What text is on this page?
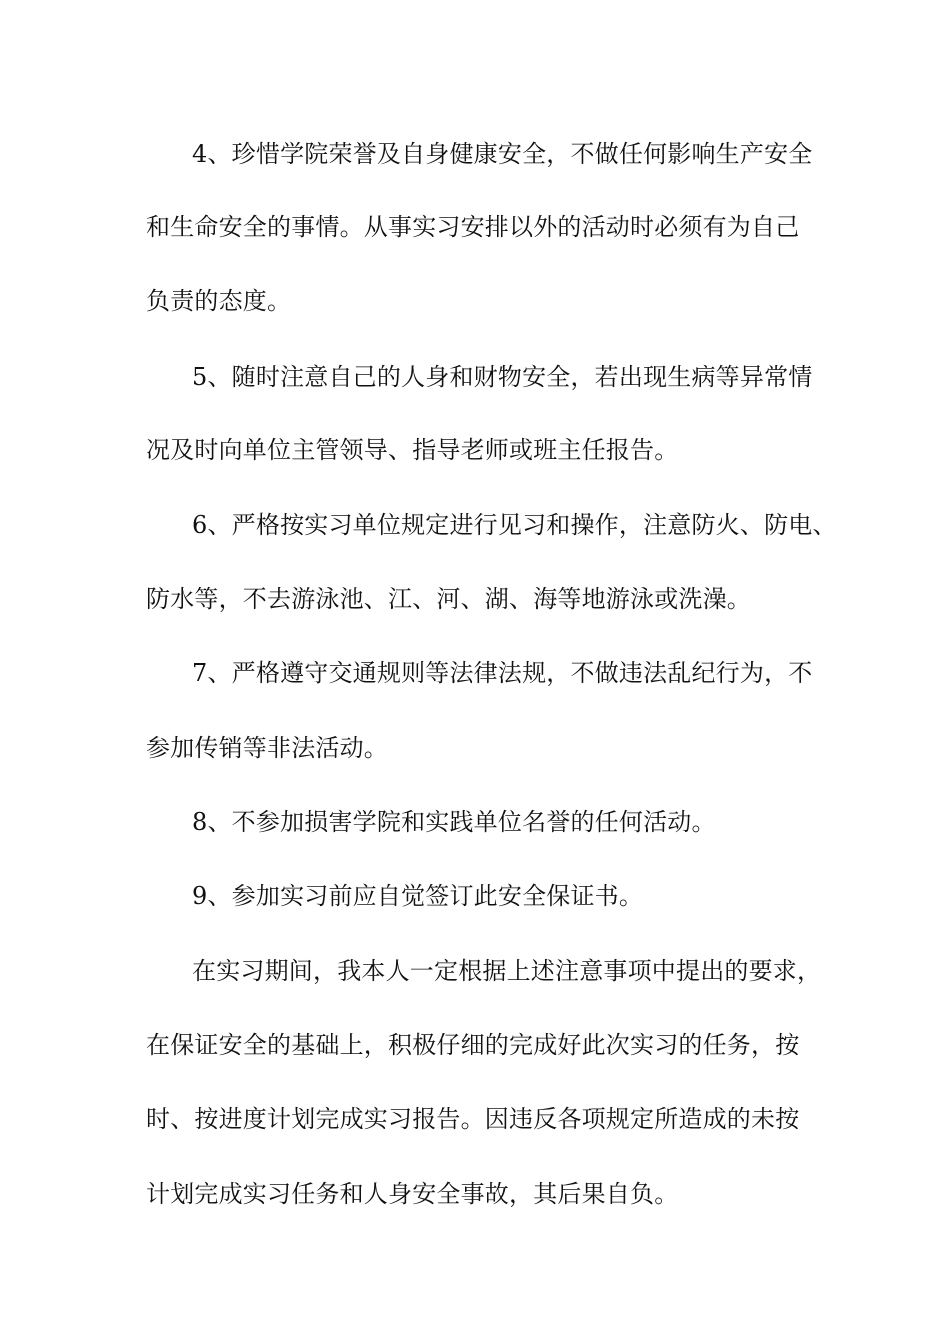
4、珍惜学院荣誉及自身健康安全，不做任何影响生产安全
和生命安全的事情。从事实习安排以外的活动时必须有为自己
负责的态度。
5、随时注意自己的人身和财物安全，若出现生病等异常情
况及时向单位主管领导、指导老师或班主任报告。
6、严格按实习单位规定进行见习和操作，注意防火、防电、
防水等，不去游泳池、江、河、湖、海等地游泳或洗澡。
7、严格遵守交通规则等法律法规，不做违法乱纪行为，不
参加传销等非法活动。
8、不参加损害学院和实践单位名誉的任何活动。
9、参加实习前应自觉签订此安全保证书。
在实习期间，我本人一定根据上述注意事项中提出的要求，
在保证安全的基础上，积极仔细的完成好此次实习的任务，按
时、按进度计划完成实习报告。因违反各项规定所造成的未按
计划完成实习任务和人身安全事故，其后果自负。
